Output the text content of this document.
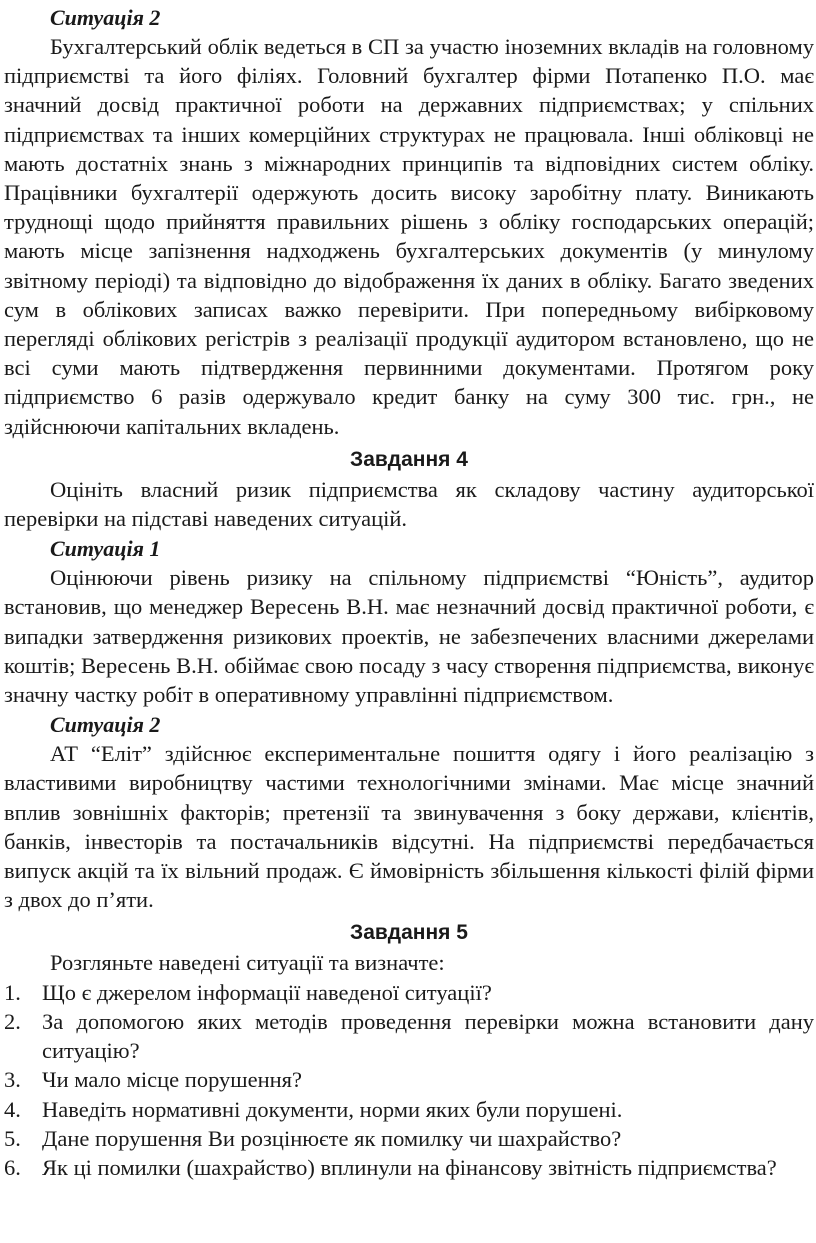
Ситуація 2

Бухгалтерський облік ведеться в СП за участю іноземних вкладів на головному підприємстві та його філіях. Головний бухгалтер фірми Потапенко П.О. має значний досвід практичної роботи на державних підприємствах; у спільних підприємствах та інших комерційних структурах не працювала. Інші обліковці не мають достатніх знань з міжнародних принципів та відповідних систем обліку. Працівники бухгалтерії одержують досить високу заробітну плату. Виникають труднощі щодо прийняття правильних рішень з обліку господарських операцій; мають місце запізнення надходжень бухгалтерських документів (у минулому звітному періоді) та відповідно до відображення їх даних в обліку. Багато зведених сум в облікових записах важко перевірити. При попередньому вибірковому перегляді облікових регістрів з реалізації продукції аудитором встановлено, що не всі суми мають підтвердження первинними документами. Протягом року підприємство 6 разів одержувало кредит банку на суму 300 тис. грн., не здійснюючи капітальних вкладень.

Завдання 4

Оцініть власний ризик підприємства як складову частину аудиторської перевірки на підставі наведених ситуацій.

Ситуація 1

Оцінюючи рівень ризику на спільному підприємстві “Юність”, аудитор встановив, що менеджер Вересень В.Н. має незначний досвід практичної роботи, є випадки затвердження ризикових проектів, не забезпечених власними джерелами коштів; Вересень В.Н. обіймає свою посаду з часу створення підприємства, виконує значну частку робіт в оперативному управлінні підприємством.

Ситуація 2

АТ “Еліт” здійснює експериментальне пошиття одягу і його реалізацію з властивими виробництву частими технологічними змінами. Має місце значний вплив зовнішніх факторів; претензії та звинувачення з боку держави, клієнтів, банків, інвесторів та постачальників відсутні. На підприємстві передбачається випуск акцій та їх вільний продаж. Є ймовірність збільшення кількості філій фірми з двох до п’яти.

Завдання 5

Розгляньте наведені ситуації та визначте:

1. Що є джерелом інформації наведеної ситуації?
2. За допомогою яких методів проведення перевірки можна встановити дану ситуацію?
3. Чи мало місце порушення?
4. Наведіть нормативні документи, норми яких були порушені.
5. Дане порушення Ви розцінюєте як помилку чи шахрайство?
6. Як ці помилки (шахрайство) вплинули на фінансову звітність підприємства?
